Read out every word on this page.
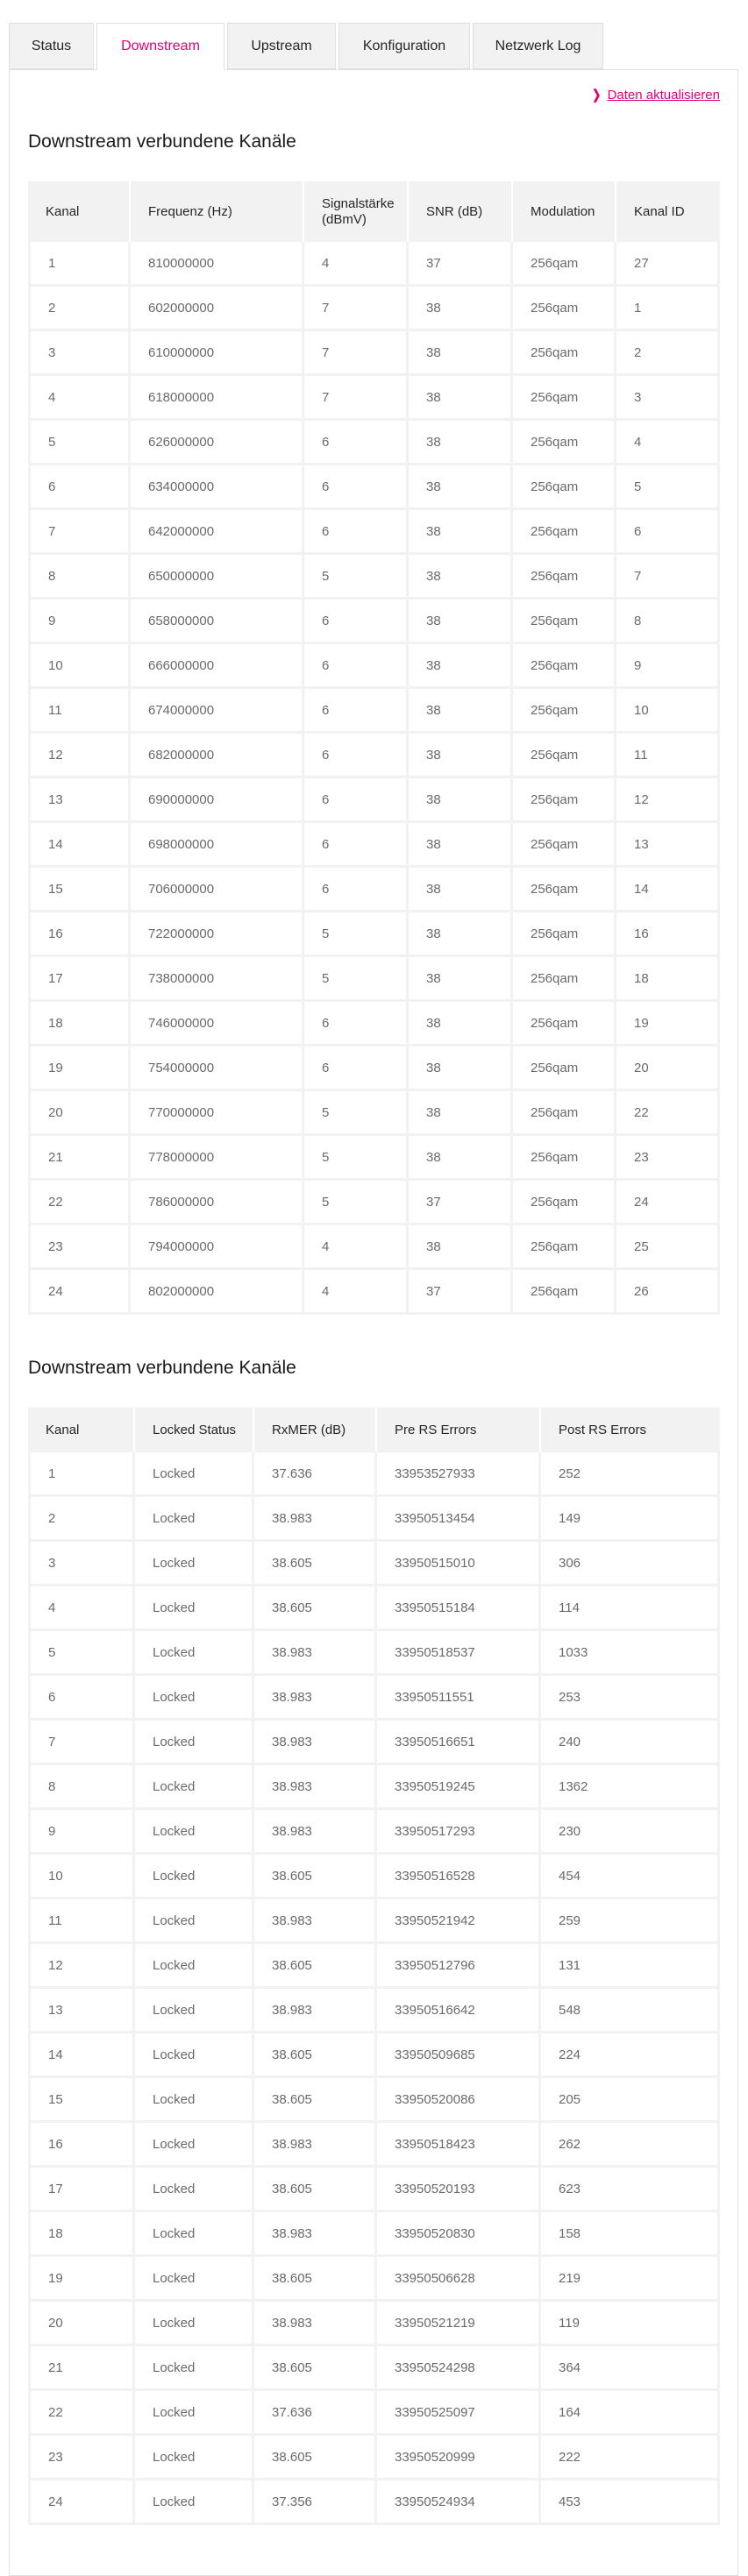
Status	Downstream	Upstream	Konfiguration	Netzwerk Log
❯ Daten aktualisieren
Downstream verbundene Kanäle
Kanal	Frequenz (Hz)	Signalstärke (dBmV)	SNR (dB)	Modulation	Kanal ID
1	810000000	4	37	256qam	27
2	602000000	7	38	256qam	1
3	610000000	7	38	256qam	2
4	618000000	7	38	256qam	3
5	626000000	6	38	256qam	4
6	634000000	6	38	256qam	5
7	642000000	6	38	256qam	6
8	650000000	5	38	256qam	7
9	658000000	6	38	256qam	8
10	666000000	6	38	256qam	9
11	674000000	6	38	256qam	10
12	682000000	6	38	256qam	11
13	690000000	6	38	256qam	12
14	698000000	6	38	256qam	13
15	706000000	6	38	256qam	14
16	722000000	5	38	256qam	16
17	738000000	5	38	256qam	18
18	746000000	6	38	256qam	19
19	754000000	6	38	256qam	20
20	770000000	5	38	256qam	22
21	778000000	5	38	256qam	23
22	786000000	5	37	256qam	24
23	794000000	4	38	256qam	25
24	802000000	4	37	256qam	26
Downstream verbundene Kanäle
Kanal	Locked Status	RxMER (dB)	Pre RS Errors	Post RS Errors
1	Locked	37.636	33953527933	252
2	Locked	38.983	33950513454	149
3	Locked	38.605	33950515010	306
4	Locked	38.605	33950515184	114
5	Locked	38.983	33950518537	1033
6	Locked	38.983	33950511551	253
7	Locked	38.983	33950516651	240
8	Locked	38.983	33950519245	1362
9	Locked	38.983	33950517293	230
10	Locked	38.605	33950516528	454
11	Locked	38.983	33950521942	259
12	Locked	38.605	33950512796	131
13	Locked	38.983	33950516642	548
14	Locked	38.605	33950509685	224
15	Locked	38.605	33950520086	205
16	Locked	38.983	33950518423	262
17	Locked	38.605	33950520193	623
18	Locked	38.983	33950520830	158
19	Locked	38.605	33950506628	219
20	Locked	38.983	33950521219	119
21	Locked	38.605	33950524298	364
22	Locked	37.636	33950525097	164
23	Locked	38.605	33950520999	222
24	Locked	37.356	33950524934	453
